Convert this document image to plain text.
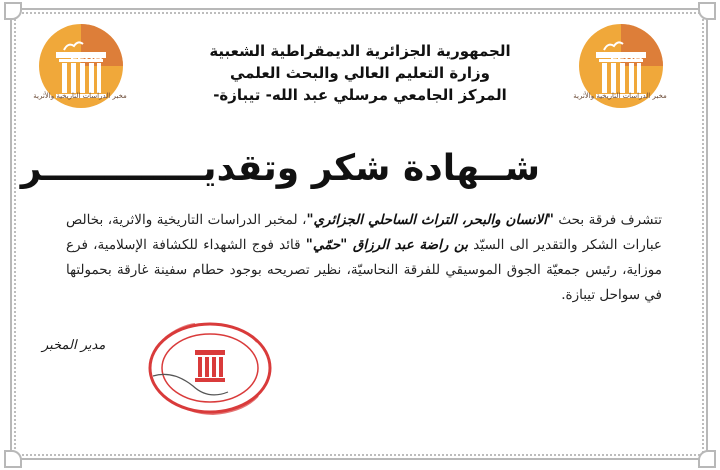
مخبر الدراسات التاريخية والأثرية
LEHA
مخبر الدراسات التاريخية والأثرية
LEHA
الجمهورية الجزائرية الديمقراطية الشعبية
وزارة التعليم العالي والبحث العلمي
المركز الجامعي مرسلي عبد الله- تيبازة-
شــهادة شكر وتقديـــــــــــــر
تتشرف فرقة بحث "الانسان والبحر، التراث الساحلي الجزائري"، لمخبر الدراسات التاريخية والاثرية، بخالص عبارات الشكر والتقدير الى السيّد بن راضة عبد الرزاق "حمّي" قائد فوج الشهداء للكشافة الإسلامية، فرع موزاية، رئيس جمعيّة الجوق الموسيقي للفرقة النحاسيّة، نظير تصريحه بوجود حطام سفينة غارقة بحمولتها في سواحل تيبازة.
مدير المخبر
